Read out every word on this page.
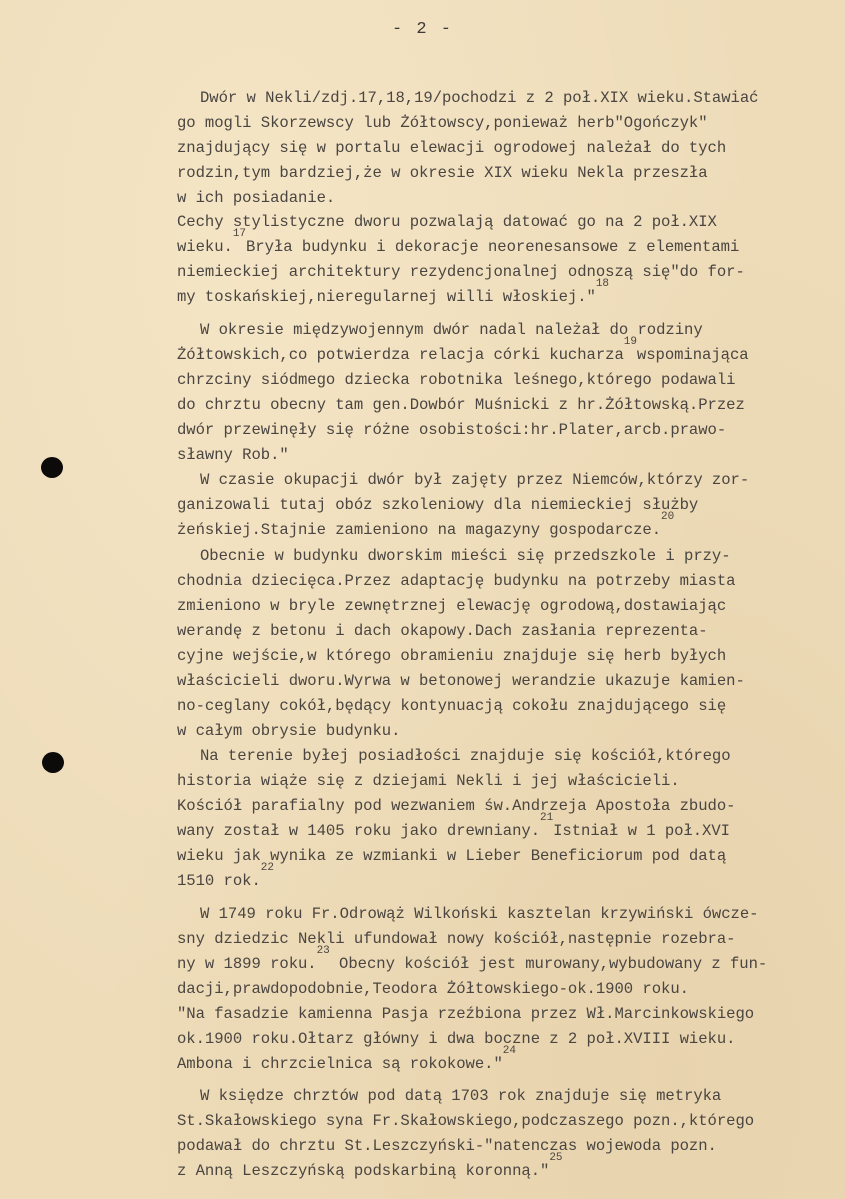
- 2 -
Dwór w Nekli/zdj.17,18,19/pochodzi z 2 poł.XIX wieku.Stawiać
go mogli Skorzewscy lub Żółtowscy,ponieważ herb"Ogończyk"
znajdujący się w portalu elewacji ogrodowej należał do tych
rodzin,tym bardziej,że w okresie XIX wieku Nekla przeszła
w ich posiadanie.
Cechy stylistyczne dworu pozwalają datować go na 2 poł.XIX
wieku.$^{17}$Bryła budynku i dekoracje neorenesansowe z elementami
niemieckiej architektury rezydencjonalnej odnoszą się"do for-
my toskańskiej,nieregularnej willi włoskiej."$^{18}$
W okresie międzywojennym dwór nadal należał do rodziny
Żółtowskich,co potwierdza relacja córki kucharza$^{19}$wspominająca
chrzciny siódmego dziecka robotnika leśnego,którego podawali
do chrztu obecny tam gen.Dowbór Muśnicki z hr.Żółtowską.Przez
dwór przewinęły się różne osobistości:hr.Plater,arcb.prawo-
sławny Rob."
W czasie okupacji dwór był zajęty przez Niemców,którzy zor-
ganizowali tutaj obóz szkoleniowy dla niemieckiej służby
żeńskiej.Stajnie zamieniono na magazyny gospodarcze.$^{20}$
Obecnie w budynku dworskim mieści się przedszkole i przy-
chodnia dziecięca.Przez adaptację budynku na potrzeby miasta
zmieniono w bryle zewnętrznej elewację ogrodową,dostawiając
werandę z betonu i dach okapowy.Dach zasłania reprezenta-
cyjne wejście,w którego obramieniu znajduje się herb byłych
właścicieli dworu.Wyrwa w betonowej werandzie ukazuje kamien-
no-ceglany cokół,będący kontynuacją cokołu znajdującego się
w całym obrysie budynku.
Na terenie byłej posiadłości znajduje się kościół,którego
historia wiąże się z dziejami Nekli i jej właścicieli.
Kościół parafialny pod wezwaniem św.Andrzeja Apostoła zbudo-
wany został w 1405 roku jako drewniany.$^{21}$Istniał w 1 poł.XVI
wieku jak wynika ze wzmianki w Lieber Beneficiorum pod datą
1510 rok.$^{22}$
W 1749 roku Fr.Odrowąż Wilkoński kasztelan krzywiński ówcze-
sny dziedzic Nekli ufundował nowy kościół,następnie rozebra-
ny w 1899 roku.$^{23}$ Obecny kościół jest murowany,wybudowany z fun-
dacji,prawdopodobnie,Teodora Żółtowskiego-ok.1900 roku.
"Na fasadzie kamienna Pasja rzeźbiona przez Wł.Marcinkowskiego
ok.1900 roku.Ołtarz główny i dwa boczne z 2 poł.XVIII wieku.
Ambona i chrzcielnica są rokokowe."$^{24}$
W księdze chrztów pod datą 1703 rok znajduje się metryka
St.Skałowskiego syna Fr.Skałowskiego,podczaszego pozn.,którego
podawał do chrztu St.Leszczyński-"natenczas wojewoda pozn.
z Anną Leszczyńską podskarbiną koronną."$^{25}$
